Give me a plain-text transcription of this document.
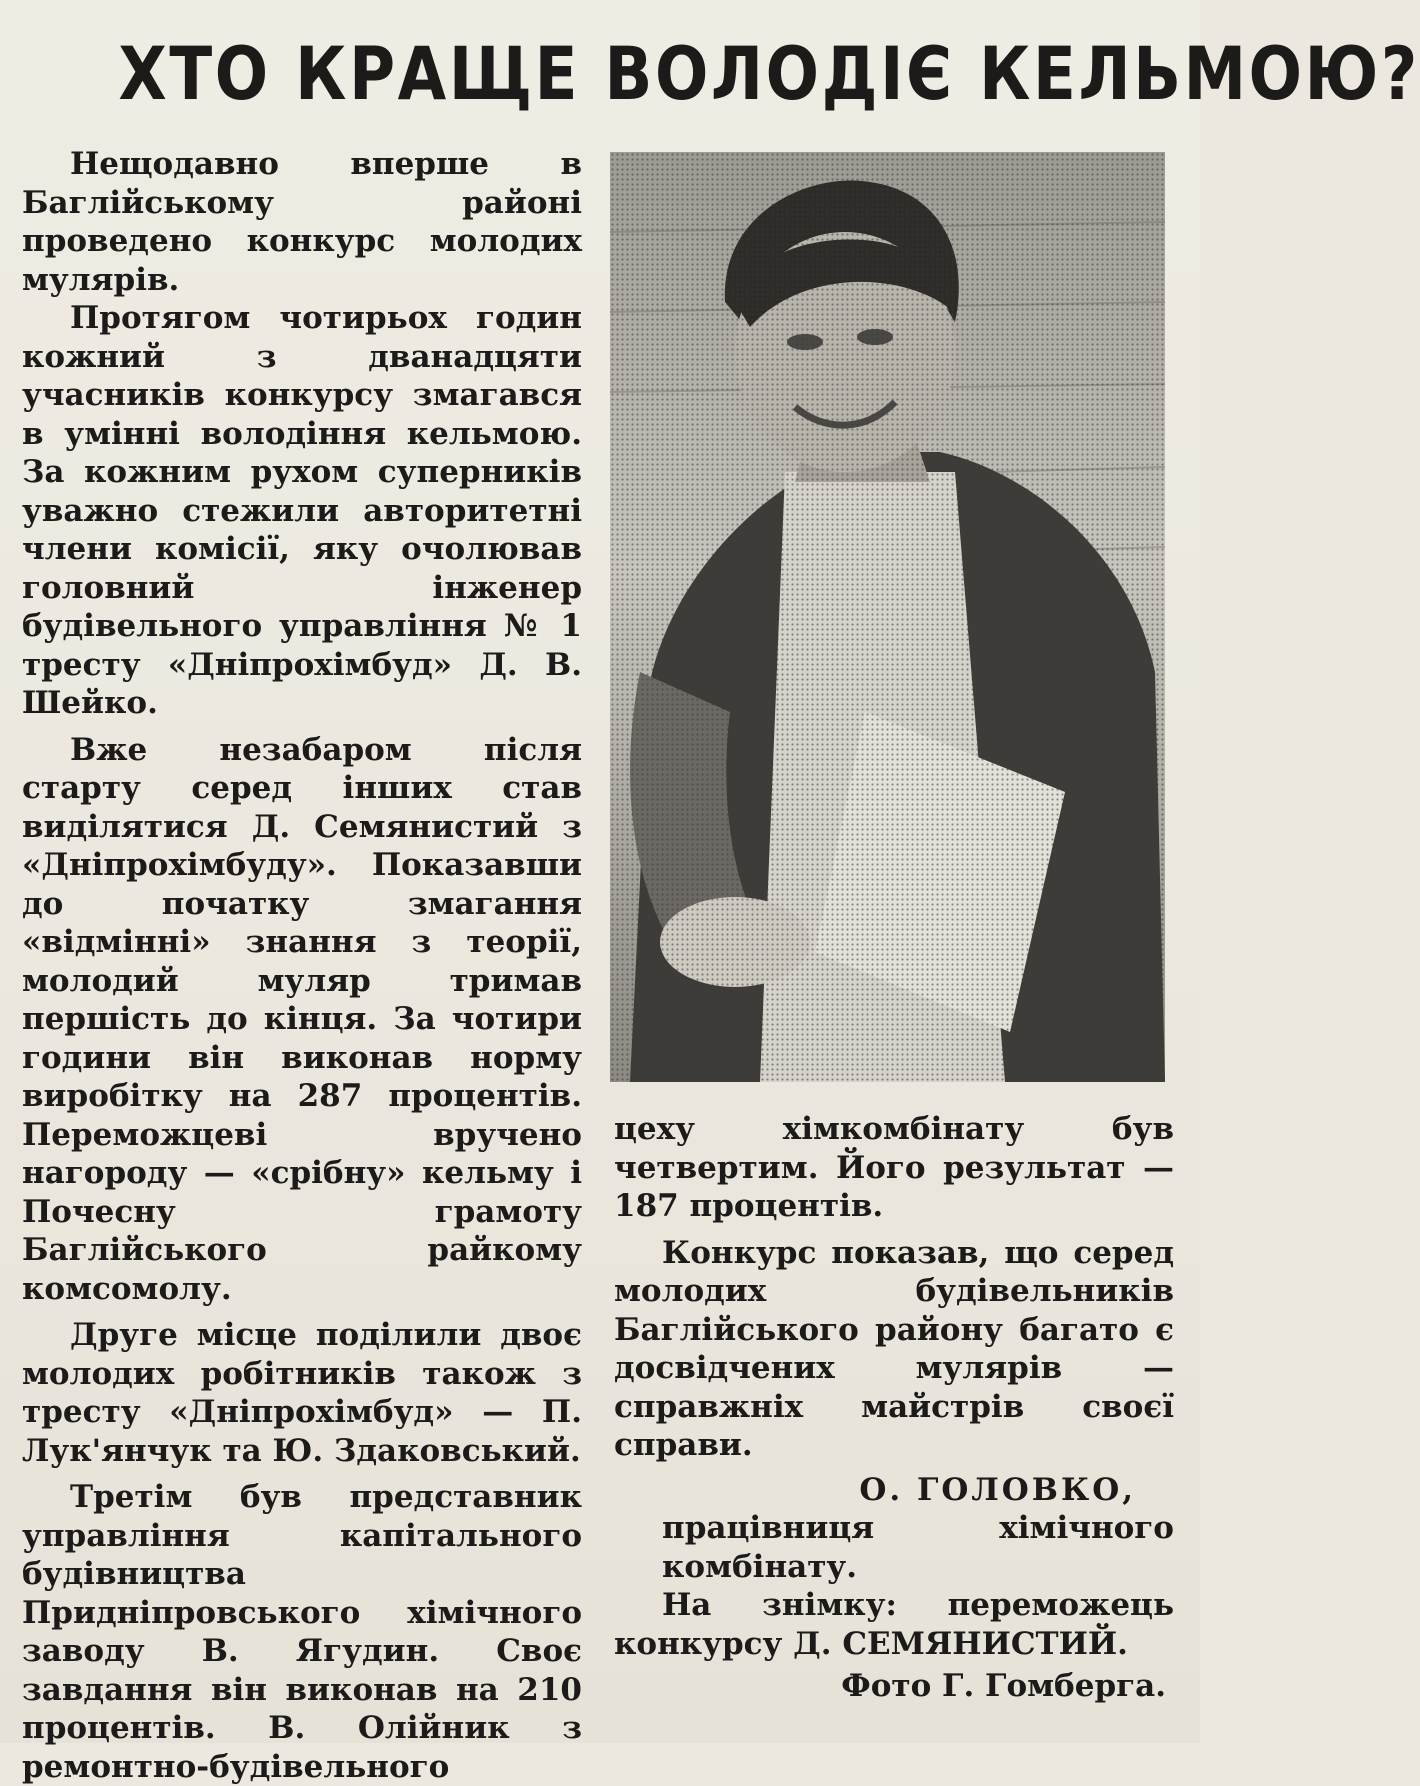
ХТО КРАЩЕ ВОЛОДІЄ КЕЛЬМОЮ?

Нещодавно вперше в Баглійському районі проведено конкурс молодих мулярів.

Протягом чотирьох годин кожний з дванадцяти учасників конкурсу змагався в умінні володіння кельмою. За кожним рухом суперників уважно стежили авторитетні члени комісії, яку очолював головний інженер будівельного управління № 1 тресту «Дніпрохімбуд» Д. В. Шейко.

Вже незабаром після старту серед інших став виділятися Д. Семянистий з «Дніпрохімбуду». Показавши до початку змагання «відмінні» знання з теорії, молодий муляр тримав першість до кінця. За чотири години він виконав норму виробітку на 287 процентів. Переможцеві вручено нагороду — «срібну» кельму і Почесну грамоту Баглійського райкому комсомолу.

Друге місце поділили двоє молодих робітників також з тресту «Дніпрохімбуд» — П. Лук'янчук та Ю. Здаковський.

Третім був представник управління капітального будівництва Придніпровського хімічного заводу В. Ягудин. Своє завдання він виконав на 210 процентів. В. Олійник з ремонтно-будівельного

цеху хімкомбінату був четвертим. Його результат — 187 процентів.

Конкурс показав, що серед молодих будівельників Баглійського району багато є досвідчених мулярів — справжніх майстрів своєї справи.

О. ГОЛОВКО,
працівниця хімічного комбінату.

На знімку: переможець конкурсу Д. СЕМЯНИСТИЙ.

Фото Г. Гомберга.
